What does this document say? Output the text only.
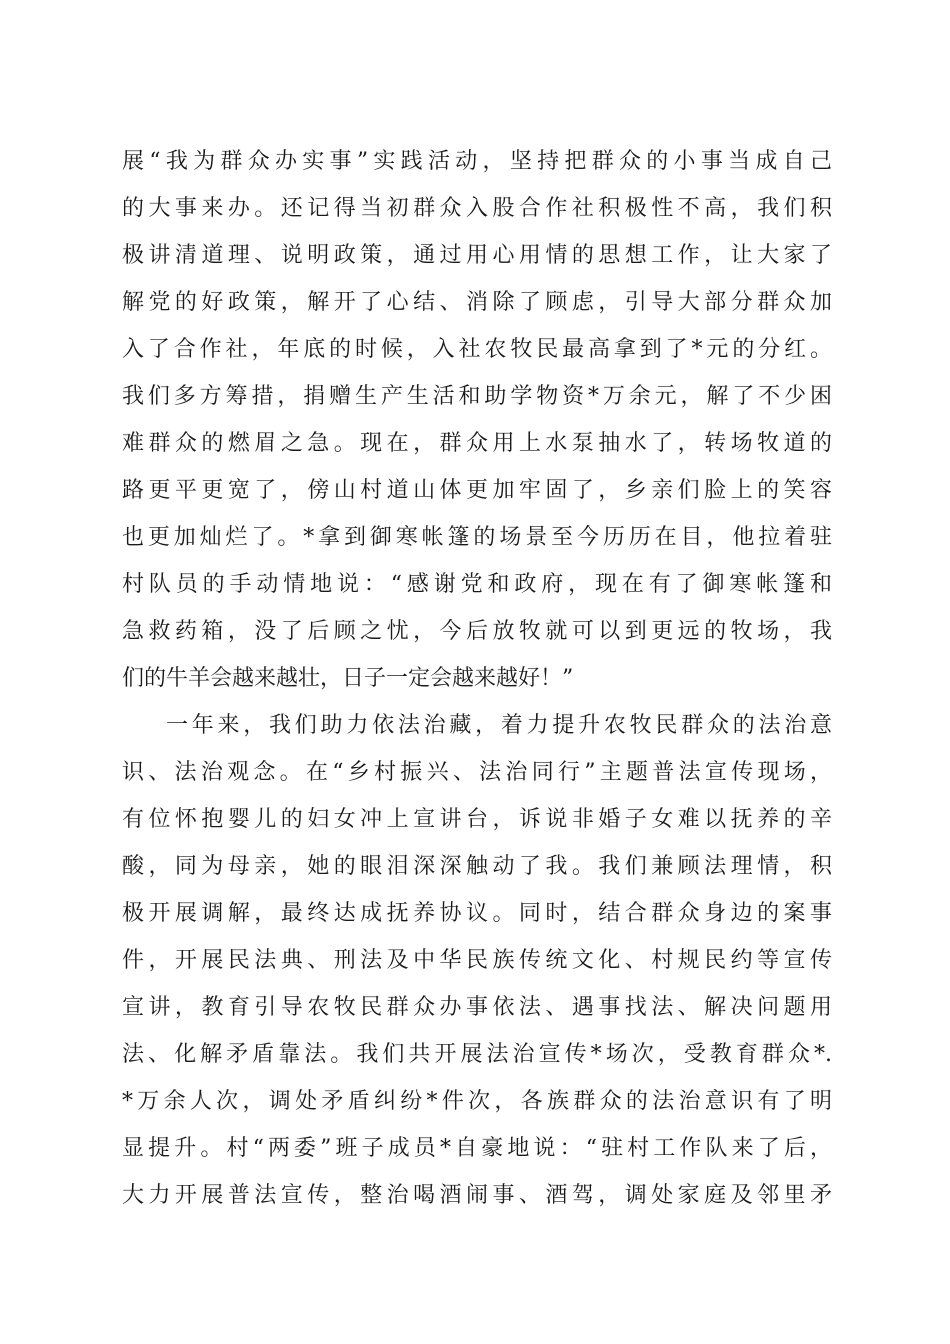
展“我为群众办实事”实践活动，坚持把群众的小事当成自己
的大事来办。还记得当初群众入股合作社积极性不高，我们积
极讲清道理、说明政策，通过用心用情的思想工作，让大家了
解党的好政策，解开了心结、消除了顾虑，引导大部分群众加
入了合作社，年底的时候，入社农牧民最高拿到了*元的分红。
我们多方筹措，捐赠生产生活和助学物资*万余元，解了不少困
难群众的燃眉之急。现在，群众用上水泵抽水了，转场牧道的
路更平更宽了，傍山村道山体更加牢固了，乡亲们脸上的笑容
也更加灿烂了。*拿到御寒帐篷的场景至今历历在目，他拉着驻
村队员的手动情地说：“感谢党和政府，现在有了御寒帐篷和
急救药箱，没了后顾之忧，今后放牧就可以到更远的牧场，我
们的牛羊会越来越壮，日子一定会越来越好！”
一年来，我们助力依法治藏，着力提升农牧民群众的法治意
识、法治观念。在“乡村振兴、法治同行”主题普法宣传现场，
有位怀抱婴儿的妇女冲上宣讲台，诉说非婚子女难以抚养的辛
酸，同为母亲，她的眼泪深深触动了我。我们兼顾法理情，积
极开展调解，最终达成抚养协议。同时，结合群众身边的案事
件，开展民法典、刑法及中华民族传统文化、村规民约等宣传
宣讲，教育引导农牧民群众办事依法、遇事找法、解决问题用
法、化解矛盾靠法。我们共开展法治宣传*场次，受教育群众*.
*万余人次，调处矛盾纠纷*件次，各族群众的法治意识有了明
显提升。村“两委”班子成员*自豪地说：“驻村工作队来了后，
大力开展普法宣传，整治喝酒闹事、酒驾，调处家庭及邻里矛
